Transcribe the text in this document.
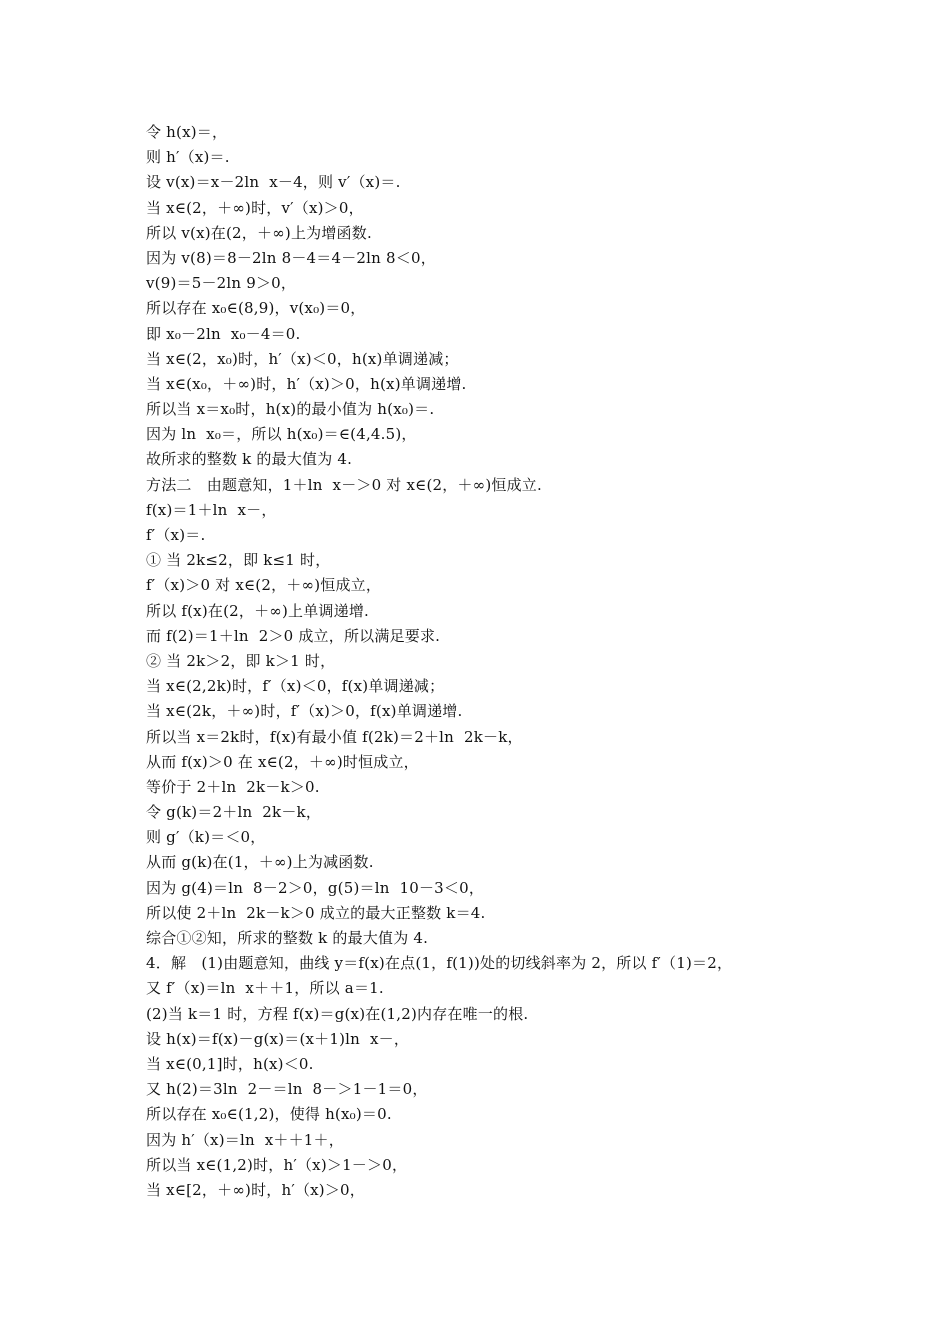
令 h(x)＝，
则 h′（x)＝.
设 v(x)＝x－2ln  x－4，则 v′（x)＝.
当 x∈(2，＋∞)时，v′（x)＞0，
所以 v(x)在(2，＋∞)上为增函数.
因为 v(8)＝8－2ln 8－4＝4－2ln 8＜0，
v(9)＝5－2ln 9＞0，
所以存在 x₀∈(8,9)，v(x₀)＝0，
即 x₀－2ln  x₀－4＝0.
当 x∈(2，x₀)时，h′（x)＜0，h(x)单调递减；
当 x∈(x₀，＋∞)时，h′（x)＞0，h(x)单调递增.
所以当 x＝x₀时，h(x)的最小值为 h(x₀)＝.
因为 ln  x₀＝，所以 h(x₀)＝∈(4,4.5)，
故所求的整数 k 的最大值为 4.
方法二　由题意知，1＋ln  x－＞0 对 x∈(2，＋∞)恒成立.
f(x)＝1＋ln  x－，
f′（x)＝.
① 当 2k≤2，即 k≤1 时，
f′（x)＞0 对 x∈(2，＋∞)恒成立，
所以 f(x)在(2，＋∞)上单调递增.
而 f(2)＝1＋ln  2＞0 成立，所以满足要求.
② 当 2k＞2，即 k＞1 时，
当 x∈(2,2k)时，f′（x)＜0，f(x)单调递减；
当 x∈(2k，＋∞)时，f′（x)＞0，f(x)单调递增.
所以当 x＝2k时，f(x)有最小值 f(2k)＝2＋ln  2k－k，
从而 f(x)＞0 在 x∈(2，＋∞)时恒成立，
等价于 2＋ln  2k－k＞0.
令 g(k)＝2＋ln  2k－k，
则 g′（k)＝＜0，
从而 g(k)在(1，＋∞)上为减函数.
因为 g(4)＝ln  8－2＞0，g(5)＝ln  10－3＜0，
所以使 2＋ln  2k－k＞0 成立的最大正整数 k＝4.
综合①②知，所求的整数 k 的最大值为 4.
4．解　(1)由题意知，曲线 y＝f(x)在点(1，f(1))处的切线斜率为 2，所以 f′（1)＝2，
又 f′（x)＝ln  x＋＋1，所以 a＝1.
(2)当 k＝1 时，方程 f(x)＝g(x)在(1,2)内存在唯一的根.
设 h(x)＝f(x)－g(x)＝(x＋1)ln  x－，
当 x∈(0,1]时，h(x)＜0.
又 h(2)＝3ln  2－＝ln  8－＞1－1＝0，
所以存在 x₀∈(1,2)，使得 h(x₀)＝0.
因为 h′（x)＝ln  x＋＋1＋，
所以当 x∈(1,2)时，h′（x)＞1－＞0，
当 x∈[2，＋∞)时，h′（x)＞0，
